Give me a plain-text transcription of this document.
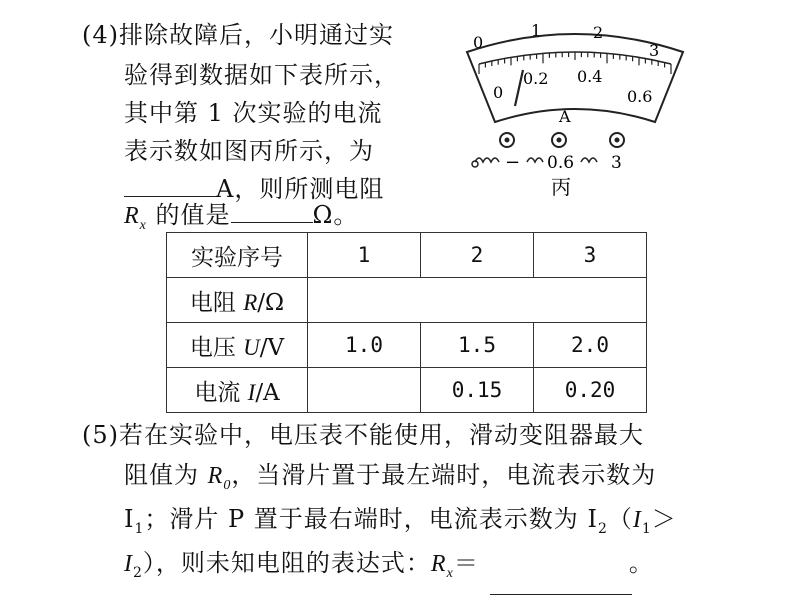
(4)排除故障后，小明通过实
验得到数据如下表所示，
其中第 1 次实验的电流
表示数如图丙所示，为
A，则所测电阻
$R_x$ 的值是	Ω。
0
1	2
3
0
0.2 0.4
0.6
A
− 0.6 3
丙
实验序号	1	2	3
电阻 R/Ω			
电压 U/V	1.0	1.5	2.0
电流 I/A		0.15	0.20
(5)若在实验中，电压表不能使用，滑动变阻器最大
阻值为 $R_0$，当滑片置于最左端时，电流表示数为
$I_1$；滑片 P 置于最右端时，电流表示数为 $I_2(I_1>$
$I_2$），则未知电阻的表达式：$R_x=$	。
